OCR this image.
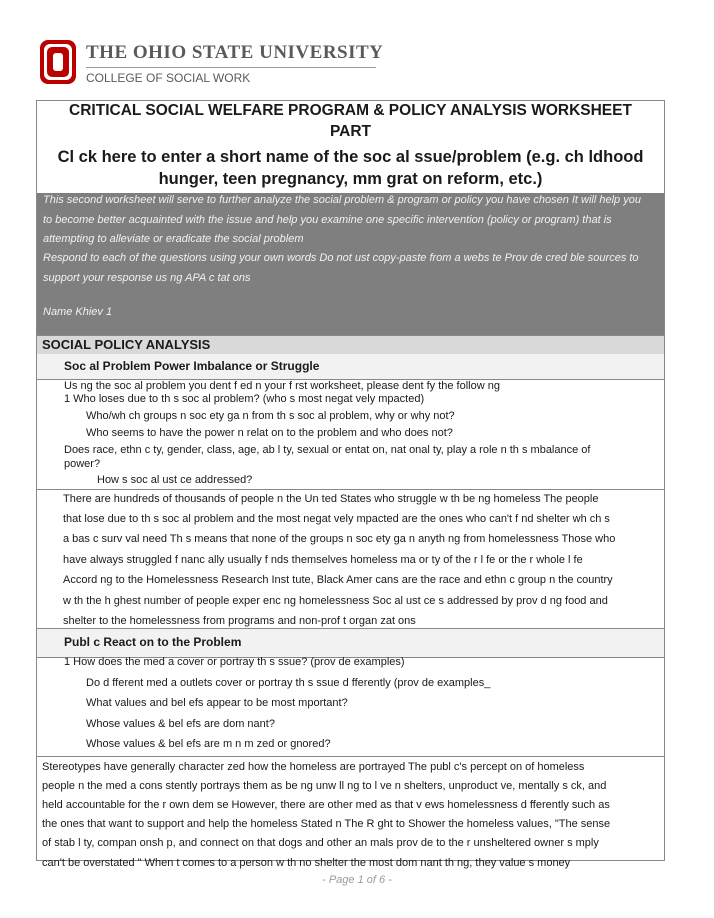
THE OHIO STATE UNIVERSITY
COLLEGE OF SOCIAL WORK
CRITICAL SOCIAL WELFARE PROGRAM & POLICY ANALYSIS WORKSHEET
PART
Cl ck here to enter a short name of the soc al ssue/problem (e.g. ch ldhood
hunger, teen pregnancy, mm grat on reform, etc.)

This second worksheet will serve to further analyze the social problem & program or policy you have chosen It will help you to become better acquainted with the issue and help you examine one specific intervention (policy or program) that is attempting to alleviate or eradicate the social problem

Respond to each of the questions using your own words Do not ust copy-paste from a webs te Prov de cred ble sources to support your response us ng APA c tat ons

Name Khiev 1

SOCIAL POLICY ANALYSIS
Soc al Problem Power Imbalance or Struggle

Us ng the soc al problem you dent f ed n your f rst worksheet, please dent fy the follow ng

1 Who loses due to th s soc al problem? (who s most negat vely mpacted)

Who/wh ch groups n soc ety ga n from th s soc al problem, why or why not?

Who seems to have the power n relat on to the problem and who does not?

Does race, ethn c ty, gender, class, age, ab l ty, sexual or entat on, nat onal ty, play a role n th s mbalance of

power?

How s soc al ust ce addressed?

There are hundreds of thousands of people n the Un ted States who struggle w th be ng homeless The people

that lose due to th s soc al problem and the most negat vely mpacted are the ones who can't f nd shelter wh ch s

a bas c surv val need Th s means that none of the groups n soc ety ga n anyth ng from homelessness Those who

have always struggled f nanc ally usually f nds themselves homeless ma or ty of the r l fe or the r whole l fe

Accord ng to the Homelessness Research Inst tute, Black Amer cans are the race and ethn c group n the country

w th the h ghest number of people exper enc ng homelessness Soc al ust ce s addressed by prov d ng food and

shelter to the homelessness from programs and non-prof t organ zat ons

Publ c React on to the Problem

1 How does the med a cover or portray th s ssue? (prov de examples)

Do d fferent med a outlets cover or portray th s ssue d fferently (prov de examples_

What values and bel efs appear to be most mportant?

Whose values & bel efs are dom nant?

Whose values & bel efs are m n m zed or gnored?

Stereotypes have generally character zed how the homeless are portrayed The publ c's percept on of homeless

people n the med a cons stently portrays them as be ng unw ll ng to l ve n shelters, unproduct ve, mentally s ck, and

held accountable for the r own dem se However, there are other med as that v ews homelessness d fferently such as

the ones that want to support and help the homeless Stated n The R ght to Shower the homeless values, "The sense

of stab l ty, compan onsh p, and connect on that dogs and other an mals prov de to the r unsheltered owner s mply

can't be overstated " When t comes to a person w th no shelter the most dom nant th ng, they value s money

- Page 1 of 6 -
